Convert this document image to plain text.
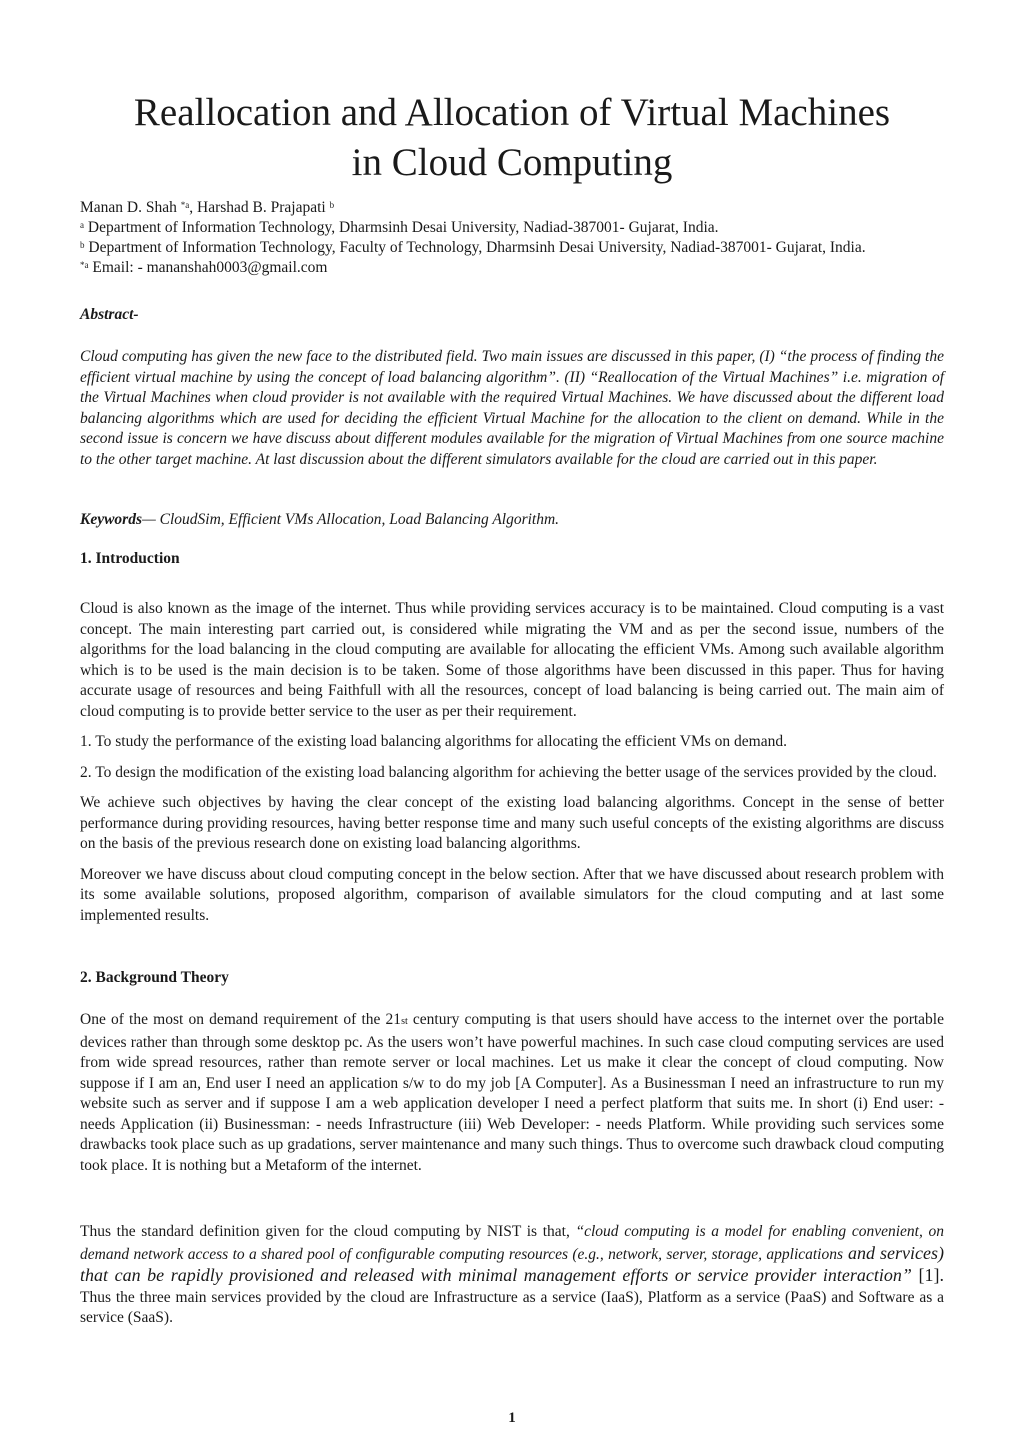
Reallocation and Allocation of Virtual Machines
in Cloud Computing
Manan D. Shah $^{*a}$, Harshad B. Prajapati $^b$
$^a$ Department of Information Technology, Dharmsinh Desai University, Nadiad-387001- Gujarat, India.
$^b$ Department of Information Technology, Faculty of Technology, Dharmsinh Desai University, Nadiad-387001- Gujarat, India.
$^{*a}$ Email: - mananshah0003@gmail.com
Abstract-
Cloud computing has given the new face to the distributed field. Two main issues are discussed in this paper, (I) “the process of finding the efficient virtual machine by using the concept of load balancing algorithm”. (II) “Reallocation of the Virtual Machines” i.e. migration of the Virtual Machines when cloud provider is not available with the required Virtual Machines. We have discussed about the different load balancing algorithms which are used for deciding the efficient Virtual Machine for the allocation to the client on demand. While in the second issue is concern we have discuss about different modules available for the migration of Virtual Machines from one source machine to the other target machine. At last discussion about the different simulators available for the cloud are carried out in this paper.
Keywords— CloudSim, Efficient VMs Allocation, Load Balancing Algorithm.
1. Introduction

Cloud is also known as the image of the internet. Thus while providing services accuracy is to be maintained. Cloud computing is a vast concept. The main interesting part carried out, is considered while migrating the VM and as per the second issue, numbers of the algorithms for the load balancing in the cloud computing are available for allocating the efficient VMs. Among such available algorithm which is to be used is the main decision is to be taken. Some of those algorithms have been discussed in this paper. Thus for having accurate usage of resources and being Faithfull with all the resources, concept of load balancing is being carried out. The main aim of cloud computing is to provide better service to the user as per their requirement.

1. To study the performance of the existing load balancing algorithms for allocating the efficient VMs on demand.

2. To design the modification of the existing load balancing algorithm for achieving the better usage of the services provided by the cloud.

We achieve such objectives by having the clear concept of the existing load balancing algorithms. Concept in the sense of better performance during providing resources, having better response time and many such useful concepts of the existing algorithms are discuss on the basis of the previous research done on existing load balancing algorithms.

Moreover we have discuss about cloud computing concept in the below section. After that we have discussed about research problem with its some available solutions, proposed algorithm, comparison of available simulators for the cloud computing and at last some implemented results.

2. Background Theory
One of the most on demand requirement of the 21st century computing is that users should have access to the internet over the portable devices rather than through some desktop pc. As the users won’t have powerful machines. In such case cloud computing services are used from wide spread resources, rather than remote server or local machines. Let us make it clear the concept of cloud computing. Now suppose if I am an, End user I need an application s/w to do my job [A Computer]. As a Businessman I need an infrastructure to run my website such as server and if suppose I am a web application developer I need a perfect platform that suits me. In short (i) End user: - needs Application (ii) Businessman: - needs Infrastructure (iii) Web Developer: - needs Platform. While providing such services some drawbacks took place such as up gradations, server maintenance and many such things. Thus to overcome such drawback cloud computing took place. It is nothing but a Metaform of the internet.
Thus the standard definition given for the cloud computing by NIST is that, “cloud computing is a model for enabling convenient, on demand network access to a shared pool of configurable computing resources (e.g., network, server, storage, applications and services) that can be rapidly provisioned and released with minimal management efforts or service provider interaction” [1]. Thus the three main services provided by the cloud are Infrastructure as a service (IaaS), Platform as a service (PaaS) and Software as a service (SaaS).
1
